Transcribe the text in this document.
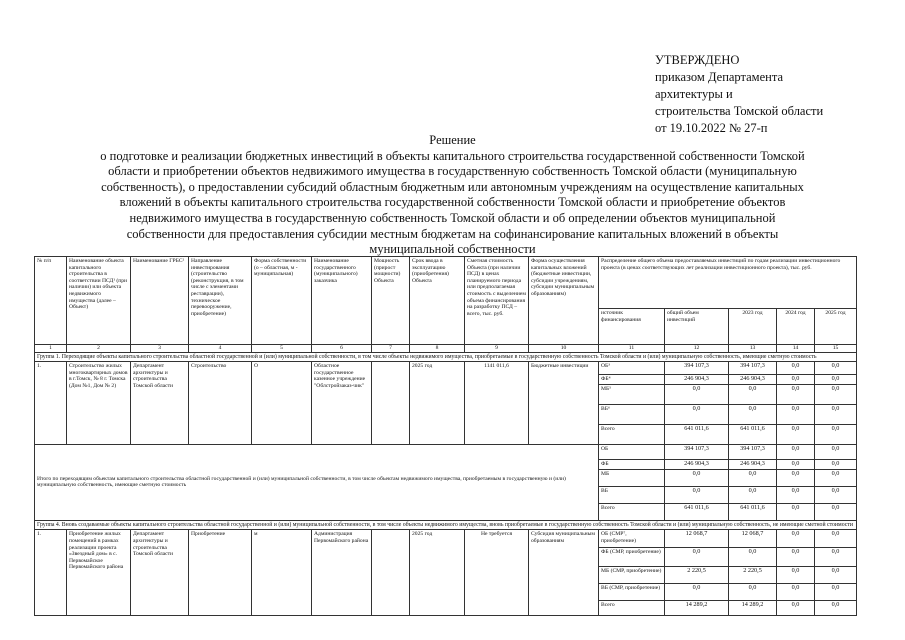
УТВЕРЖДЕНО
приказом Департамента
архитектуры и
строительства Томской области
от 19.10.2022 № 27-п
Решение
о подготовке и реализации бюджетных инвестиций в объекты капитального строительства государственной собственности Томской
области и приобретении объектов недвижимого имущества в государственную собственность Томской области (муниципальную
собственность), о предоставлении субсидий областным бюджетным или автономным учреждениям на осуществление капитальных
вложений в объекты капитального строительства государственной собственности Томской области и приобретение объектов
недвижимого имущества в государственную собственность Томской области и об определении объектов муниципальной
собственности для предоставления субсидии местным бюджетам на софинансирование капитальных вложений в объекты
муниципальной собственности
№ п/п	Наименование объекта капитального строительства в соответствии ПСД¹ (при наличии) или объекта недвижимого имущества (далее – Объект)	Наименование ГРБС²	Направление инвестирования (строительство (реконструкция, в том числе с элементами реставрации), техническое перевооружение, приобретение)	Форма собственности (о – областная, м - муниципальная)	Наименование государственного (муниципального) заказчика	Мощность (прирост мощности) Объекта	Срок ввода в эксплуатацию (приобретения) Объекта	Сметная стоимость Объекта (при наличии ПСД) в ценах планируемого периода или предполагаемая стоимость с выделением объема финансирования на разработку ПСД – всего, тыс. руб.	Форма осуществления капитальных вложений (бюджетные инвестиции, субсидии учреждениям, субсидии муниципальным образованиям)	Распределение общего объема предоставляемых инвестиций по годам реализации инвестиционного проекта (в ценах соответствующих лет реализации инвестиционного проекта), тыс. руб.				
										источник финансирования	общий объем инвестиций	2023 год	2024 год	2025 год
1	2	3	4	5	6	7	8	9	10	11	12	13	14	15
Группа 1. Переходящие объекты капитального строительства областной государственной и (или) муниципальной собственности, в том числе объекты недвижимого имущества, приобретаемые в государственную собственность Томской области и (или) муниципальную собственность, имеющие сметную стоимость														
1.	Строительство жилых многоквартирных домов в г.Томск, № 8 г. Томска (Дом №1, Дом № 2)	Департамент архитектуры и строительства Томской области	Строительство	О	Областное государственное казенное учреждение "Облстройзаказ-чик"		2025 год	1141 011,6	Бюджетные инвестиции	ОБ³	394 107,3	394 107,3	0,0	0,0
										ФБ⁴	246 904,3	246 904,3	0,0	0,0
										МБ⁵	0,0	0,0	0,0	0,0
										ВБ⁶	0,0	0,0	0,0	0,0
										Всего	641 011,6	641 011,6	0,0	0,0
Итого по переходящим объектам капитального строительства областной государственной и (или) муниципальной собственности, в том числе объектам недвижимого имущества, приобретаемым в государственную и (или) муниципальную собственность, имеющие сметную стоимость										ОБ	394 107,3	394 107,3	0,0	0,0
										ФБ	246 904,3	246 904,3	0,0	0,0
										МБ	0,0	0,0	0,0	0,0
										ВБ	0,0	0,0	0,0	0,0
										Всего	641 011,6	641 011,6	0,0	0,0
Группа 4. Вновь создаваемые объекты капитального строительства областной государственной и (или) муниципальной собственности, в том числе объекты недвижимого имущества, вновь приобретаемые в государственную собственность Томской области и (или) муниципальную собственность, не имеющие сметной стоимости														
1.	Приобретение жилых помещений в рамках реализации проекта «Звездный дом» в с. Первомайское Первомайского района	Департамент архитектуры и строительства Томской области	Приобретение	м	Администрация Первомайского района		2025 год	Не требуется	Субсидия муниципальным образованиям	ОБ (СМР⁷, приобретение)	12 068,7	12 068,7	0,0	0,0
										ФБ (СМР, приобретение)	0,0	0,0	0,0	0,0
										МБ (СМР, приобретение)	2 220,5	2 220,5	0,0	0,0
										ВБ (СМР, приобретение)	0,0	0,0	0,0	0,0
										Всего	14 289,2	14 289,2	0,0	0,0
